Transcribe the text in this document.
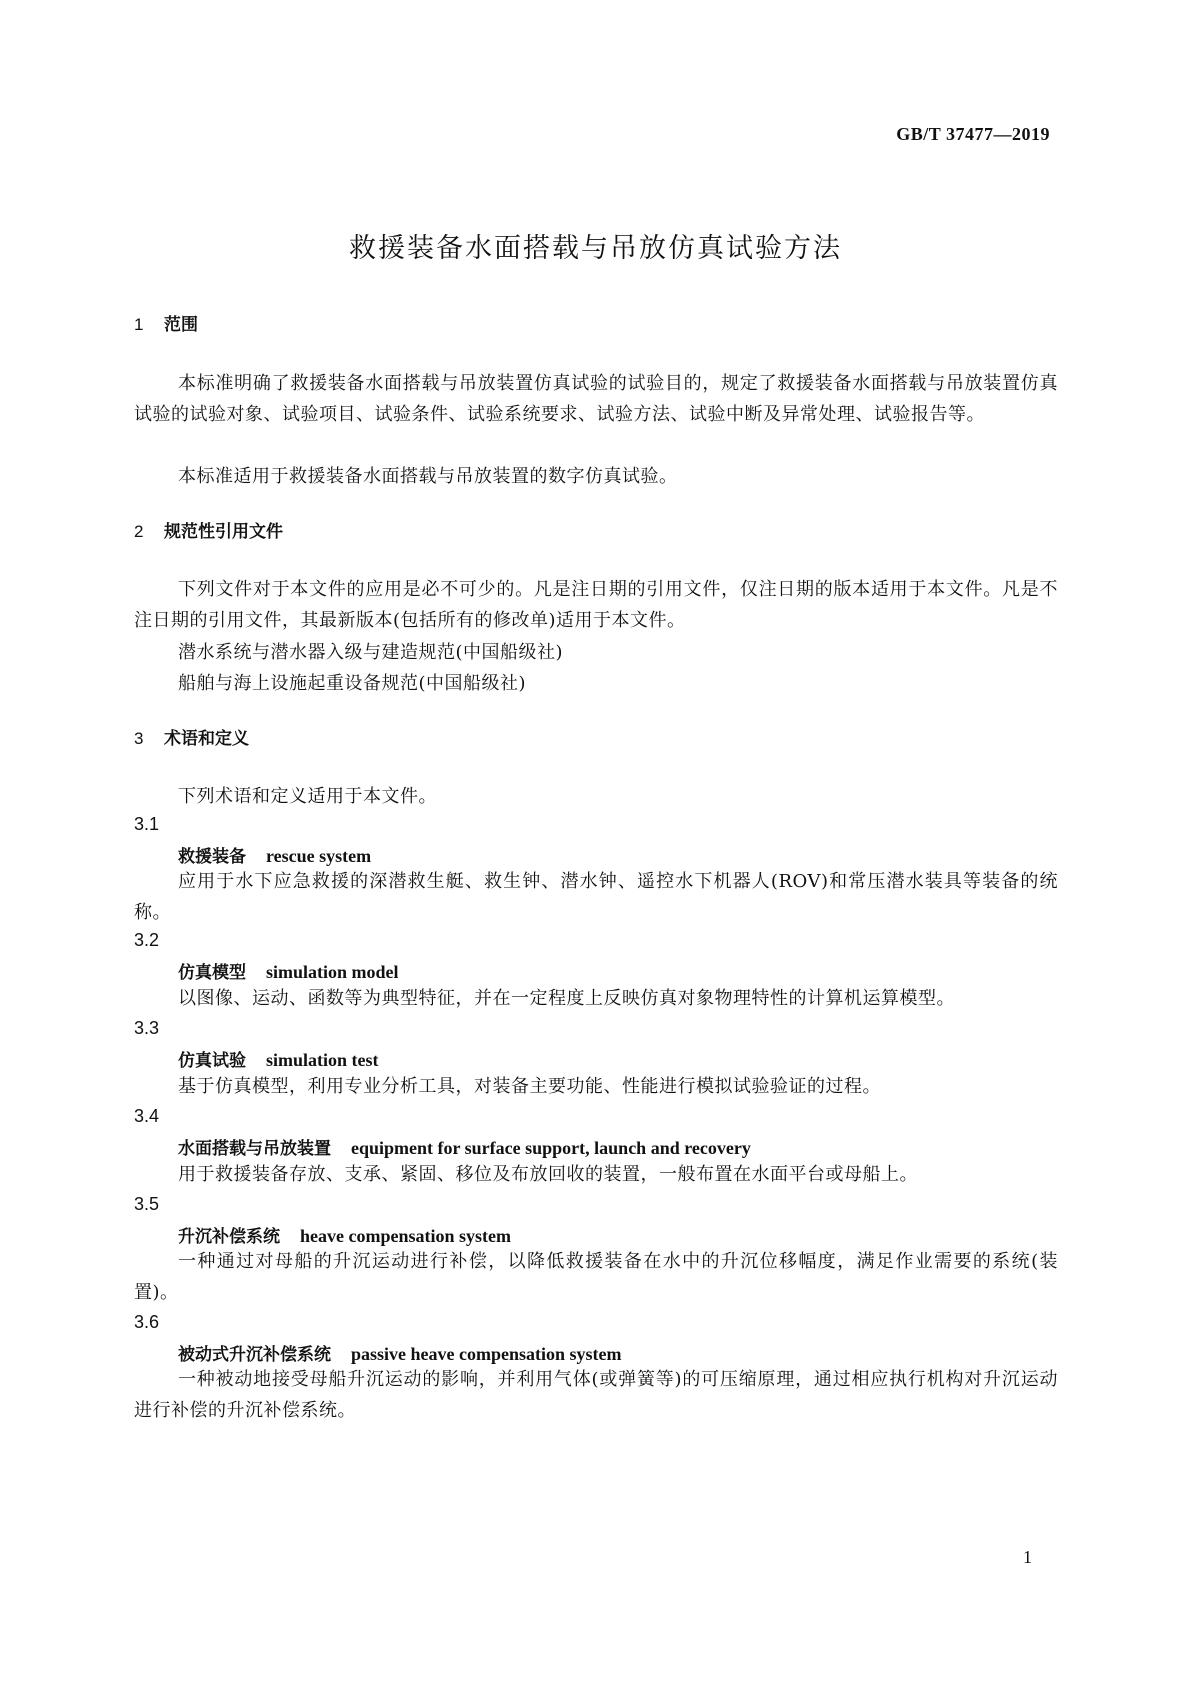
GB/T 37477—2019
救援装备水面搭载与吊放仿真试验方法
1 范围
本标准明确了救援装备水面搭载与吊放装置仿真试验的试验目的，规定了救援装备水面搭载与吊放装置仿真试验的试验对象、试验项目、试验条件、试验系统要求、试验方法、试验中断及异常处理、试验报告等。
本标准适用于救援装备水面搭载与吊放装置的数字仿真试验。
2 规范性引用文件
下列文件对于本文件的应用是必不可少的。凡是注日期的引用文件，仅注日期的版本适用于本文件。凡是不注日期的引用文件，其最新版本(包括所有的修改单)适用于本文件。
潜水系统与潜水器入级与建造规范(中国船级社)
船舶与海上设施起重设备规范(中国船级社)
3 术语和定义
下列术语和定义适用于本文件。
3.1
救援装备 rescue system
应用于水下应急救援的深潜救生艇、救生钟、潜水钟、遥控水下机器人(ROV)和常压潜水装具等装备的统称。
3.2
仿真模型 simulation model
以图像、运动、函数等为典型特征，并在一定程度上反映仿真对象物理特性的计算机运算模型。
3.3
仿真试验 simulation test
基于仿真模型，利用专业分析工具，对装备主要功能、性能进行模拟试验验证的过程。
3.4
水面搭载与吊放装置 equipment for surface support, launch and recovery
用于救援装备存放、支承、紧固、移位及布放回收的装置，一般布置在水面平台或母船上。
3.5
升沉补偿系统 heave compensation system
一种通过对母船的升沉运动进行补偿，以降低救援装备在水中的升沉位移幅度，满足作业需要的系统(装置)。
3.6
被动式升沉补偿系统 passive heave compensation system
一种被动地接受母船升沉运动的影响，并利用气体(或弹簧等)的可压缩原理，通过相应执行机构对升沉运动进行补偿的升沉补偿系统。
1
